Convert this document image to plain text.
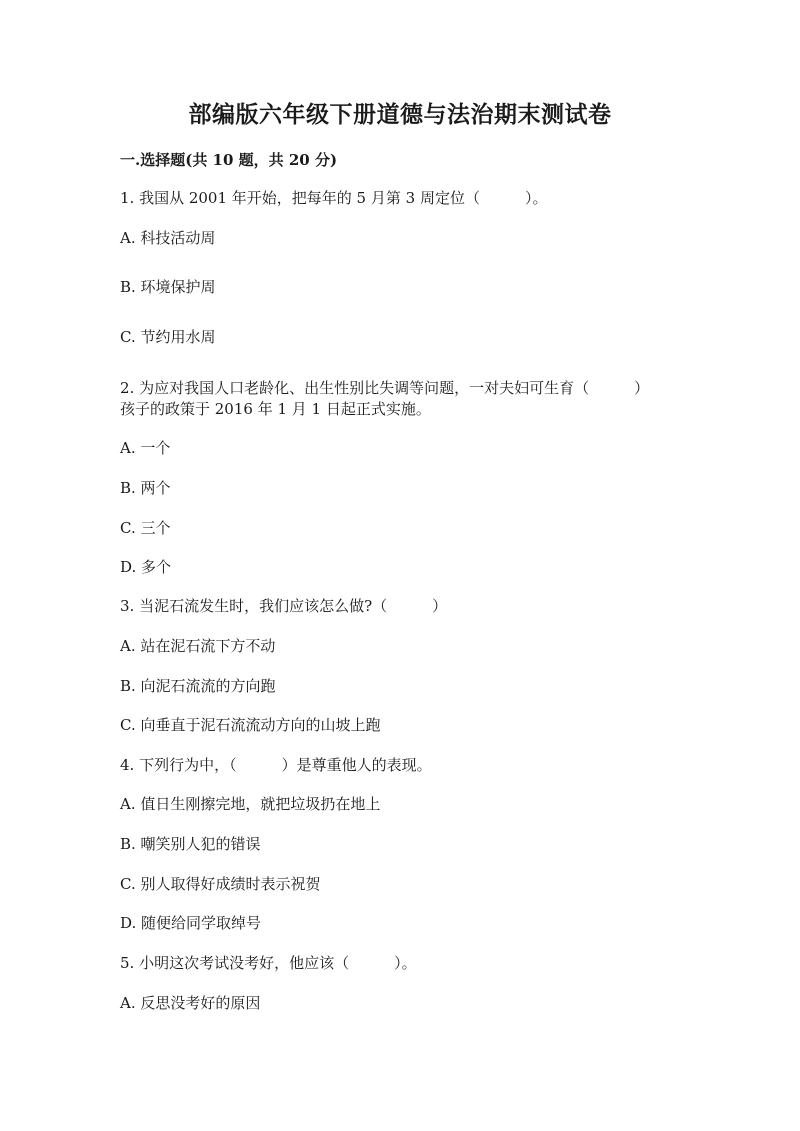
部编版六年级下册道德与法治期末测试卷
一.选择题(共 10 题，共 20 分)
1. 我国从 2001 年开始，把每年的 5 月第 3 周定位（　　　）。
A. 科技活动周
B. 环境保护周
C. 节约用水周
2. 为应对我国人口老龄化、出生性别比失调等问题，一对夫妇可生育（　　　）
孩子的政策于 2016 年 1 月 1 日起正式实施。
A. 一个
B. 两个
C. 三个
D. 多个
3. 当泥石流发生时，我们应该怎么做?（　　　）
A. 站在泥石流下方不动
B. 向泥石流流的方向跑
C. 向垂直于泥石流流动方向的山坡上跑
4. 下列行为中，（　　　）是尊重他人的表现。
A. 值日生刚擦完地，就把垃圾扔在地上
B. 嘲笑别人犯的错误
C. 别人取得好成绩时表示祝贺
D. 随便给同学取绰号
5. 小明这次考试没考好，他应该（　　　）。
A. 反思没考好的原因
